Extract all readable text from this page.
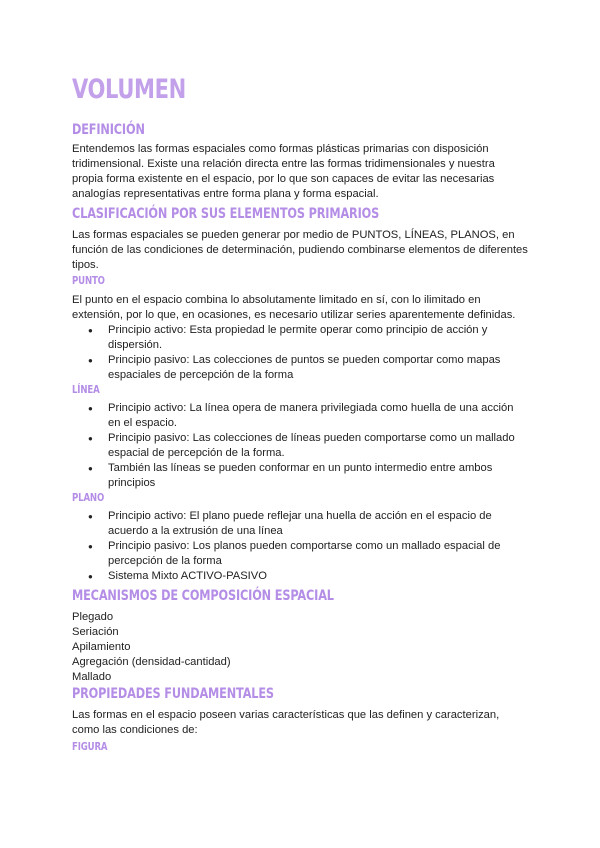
VOLUMEN
DEFINICIÓN

Entendemos las formas espaciales como formas plásticas primarias con disposición tridimensional. Existe una relación directa entre las formas tridimensionales y nuestra propia forma existente en el espacio, por lo que son capaces de evitar las necesarias analogías representativas entre forma plana y forma espacial.

CLASIFICACIÓN POR SUS ELEMENTOS PRIMARIOS

Las formas espaciales se pueden generar por medio de PUNTOS, LÍNEAS, PLANOS, en función de las condiciones de determinación, pudiendo combinarse elementos de diferentes tipos.

PUNTO

El punto en el espacio combina lo absolutamente limitado en sí, con lo ilimitado en extensión, por lo que, en ocasiones, es necesario utilizar series aparentemente definidas.

● Principio activo: Esta propiedad le permite operar como principio de acción y dispersión.
● Principio pasivo: Las colecciones de puntos se pueden comportar como mapas espaciales de percepción de la forma
LÍNEA
● Principio activo: La línea opera de manera privilegiada como huella de una acción en el espacio.
● Principio pasivo: Las colecciones de líneas pueden comportarse como un mallado espacial de percepción de la forma.
● También las líneas se pueden conformar en un punto intermedio entre ambos principios
PLANO
● Principio activo: El plano puede reflejar una huella de acción en el espacio de acuerdo a la extrusión de una línea
● Principio pasivo: Los planos pueden comportarse como un mallado espacial de percepción de la forma
● Sistema Mixto ACTIVO-PASIVO
MECANISMOS DE COMPOSICIÓN ESPACIAL

Plegado

Seriación

Apilamiento

Agregación (densidad-cantidad)

Mallado

PROPIEDADES FUNDAMENTALES

Las formas en el espacio poseen varias características que las definen y caracterizan, como las condiciones de:

FIGURA
